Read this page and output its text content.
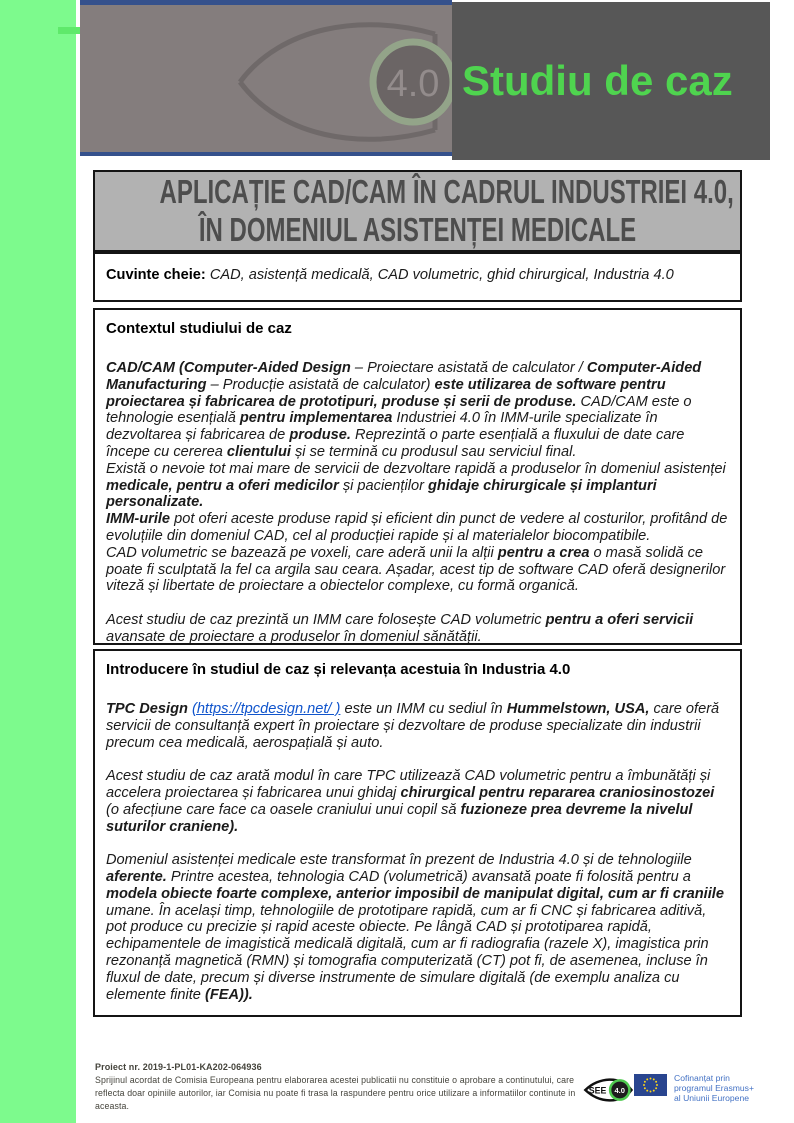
4.0 Studiu de caz
APLICAȚIE CAD/CAM ÎN CADRUL INDUSTRIEI 4.0,
ÎN DOMENIUL ASISTENȚEI MEDICALE
Cuvinte cheie: CAD, asistență medicală, CAD volumetric, ghid chirurgical, Industria 4.0
Contextul studiului de caz

CAD/CAM (Computer-Aided Design – Proiectare asistată de calculator / Computer-Aided Manufacturing – Producție asistată de calculator) este utilizarea de software pentru proiectarea și fabricarea de prototipuri, produse și serii de produse. CAD/CAM este o tehnologie esențială pentru implementarea Industriei 4.0 în IMM-urile specializate în dezvoltarea și fabricarea de produse. Reprezintă o parte esențială a fluxului de date care începe cu cererea clientului și se termină cu produsul sau serviciul final.

Există o nevoie tot mai mare de servicii de dezvoltare rapidă a produselor în domeniul asistenței medicale, pentru a oferi medicilor și pacienților ghidaje chirurgicale și implanturi personalizate.

IMM-urile pot oferi aceste produse rapid și eficient din punct de vedere al costurilor, profitând de evoluțiile din domeniul CAD, cel al producției rapide și al materialelor biocompatibile.

CAD volumetric se bazează pe voxeli, care aderă unii la alții pentru a crea o masă solidă ce poate fi sculptată la fel ca argila sau ceara. Așadar, acest tip de software CAD oferă designerilor viteză și libertate de proiectare a obiectelor complexe, cu formă organică.

Acest studiu de caz prezintă un IMM care folosește CAD volumetric pentru a oferi servicii avansate de proiectare a produselor în domeniul sănătății.

Introducere în studiul de caz și relevanța acestuia în Industria 4.0

TPC Design (https://tpcdesign.net/ ) este un IMM cu sediul în Hummelstown, USA, care oferă servicii de consultanță expert în proiectare și dezvoltare de produse specializate din industrii precum cea medicală, aerospațială și auto.

Acest studiu de caz arată modul în care TPC utilizează CAD volumetric pentru a îmbunătăți și accelera proiectarea și fabricarea unui ghidaj chirurgical pentru repararea craniosinostozei (o afecțiune care face ca oasele craniului unui copil să fuzioneze prea devreme la nivelul suturilor craniene).

Domeniul asistenței medicale este transformat în prezent de Industria 4.0 și de tehnologiile aferente. Printre acestea, tehnologia CAD (volumetrică) avansată poate fi folosită pentru a modela obiecte foarte complexe, anterior imposibil de manipulat digital, cum ar fi craniile umane. În același timp, tehnologiile de prototipare rapidă, cum ar fi CNC și fabricarea aditivă, pot produce cu precizie și rapid aceste obiecte. Pe lângă CAD și prototiparea rapidă, echipamentele de imagistică medicală digitală, cum ar fi radiografia (razele X), imagistica prin rezonanță magnetică (RMN) și tomografia computerizată (CT) pot fi, de asemenea, incluse în fluxul de date, precum și diverse instrumente de simulare digitală (de exemplu analiza cu elemente finite (FEA)).

Proiect nr. 2019-1-PL01-KA202-064936

Sprijinul acordat de Comisia Europeana pentru elaborarea acestei publicatii nu constituie o aprobare a continutului, care reflecta doar opiniile autorilor, iar Comisia nu poate fi trasa la raspundere pentru orice utilizare a informatiilor continute in aceasta.

SEE 4.0
Cofinanțat prin
programul Erasmus+
al Uniunii Europene
